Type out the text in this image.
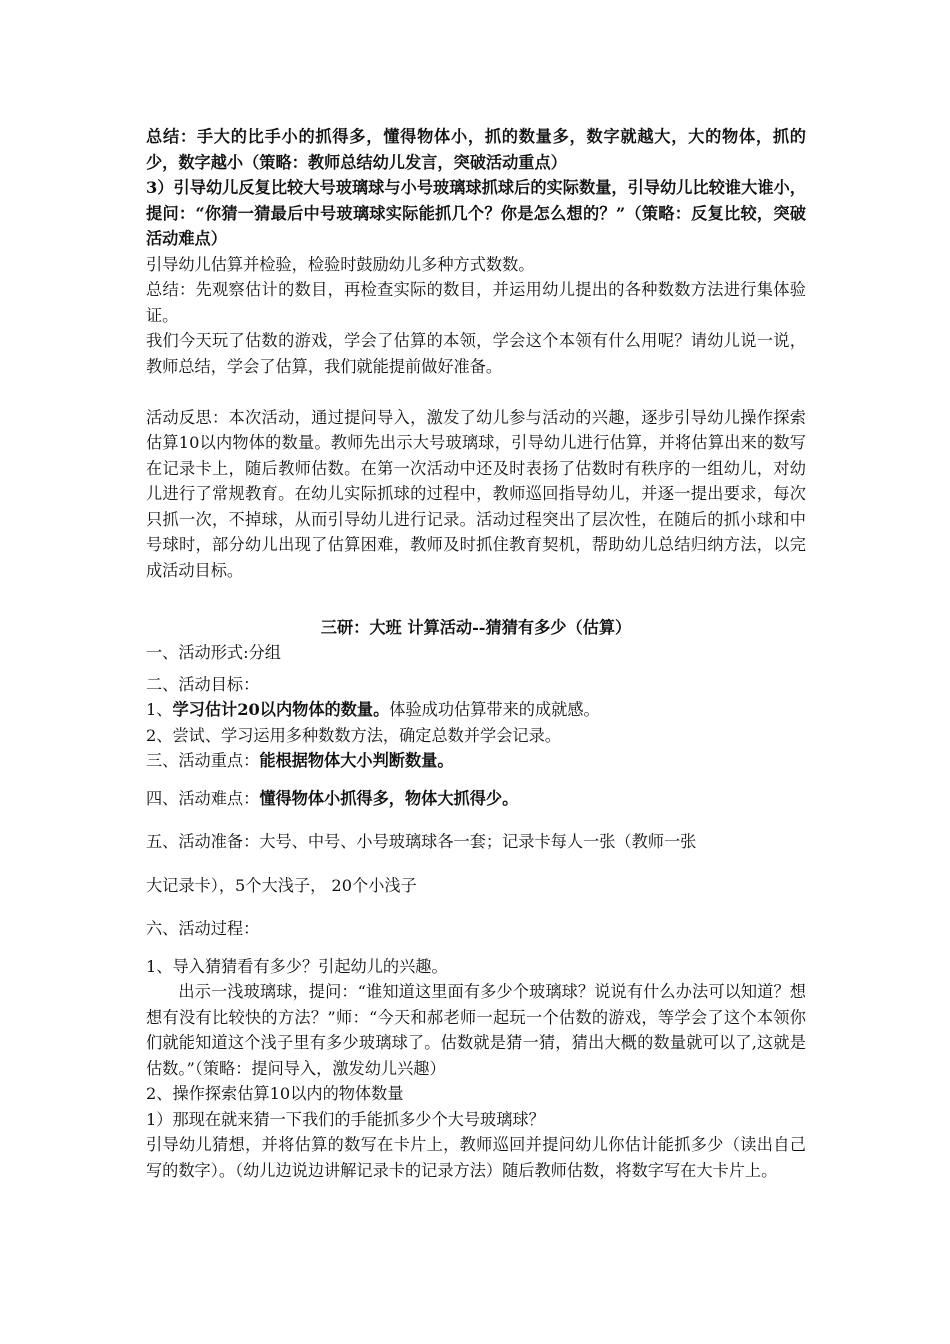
总结：手大的比手小的抓得多，懂得物体小，抓的数量多，数字就越大，大的物体，抓的少，数字越小（策略：教师总结幼儿发言，突破活动重点）

3）引导幼儿反复比较大号玻璃球与小号玻璃球抓球后的实际数量，引导幼儿比较谁大谁小，提问：“你猜一猜最后中号玻璃球实际能抓几个？你是怎么想的？”（策略：反复比较，突破活动难点）

引导幼儿估算并检验，检验时鼓励幼儿多种方式数数。

总结：先观察估计的数目，再检查实际的数目，并运用幼儿提出的各种数数方法进行集体验证。

我们今天玩了估数的游戏，学会了估算的本领，学会这个本领有什么用呢？请幼儿说一说，教师总结，学会了估算，我们就能提前做好准备。

活动反思：本次活动，通过提问导入，激发了幼儿参与活动的兴趣，逐步引导幼儿操作探索估算10以内物体的数量。教师先出示大号玻璃球，引导幼儿进行估算，并将估算出来的数写在记录卡上，随后教师估数。在第一次活动中还及时表扬了估数时有秩序的一组幼儿，对幼儿进行了常规教育。在幼儿实际抓球的过程中，教师巡回指导幼儿，并逐一提出要求，每次只抓一次，不掉球，从而引导幼儿进行记录。活动过程突出了层次性，在随后的抓小球和中号球时，部分幼儿出现了估算困难，教师及时抓住教育契机，帮助幼儿总结归纳方法，以完成活动目标。

三研：大班 计算活动--猜猜有多少（估算）

一、活动形式:分组

二、活动目标：

1、学习估计20以内物体的数量。体验成功估算带来的成就感。

2、尝试、学习运用多种数数方法，确定总数并学会记录。

三、活动重点：能根据物体大小判断数量。

四、活动难点：懂得物体小抓得多，物体大抓得少。

五、活动准备：大号、中号、小号玻璃球各一套；记录卡每人一张（教师一张

大记录卡），5个大浅子， 20个小浅子

六、活动过程：

1、导入猜猜看有多少？引起幼儿的兴趣。

出示一浅玻璃球，提问：“谁知道这里面有多少个玻璃球？说说有什么办法可以知道？想想有没有比较快的方法？”师：“今天和郝老师一起玩一个估数的游戏，等学会了这个本领你们就能知道这个浅子里有多少玻璃球了。估数就是猜一猜，猜出大概的数量就可以了,这就是估数。”（策略：提问导入，激发幼儿兴趣）

2、操作探索估算10以内的物体数量

1）那现在就来猜一下我们的手能抓多少个大号玻璃球？

引导幼儿猜想，并将估算的数写在卡片上，教师巡回并提问幼儿你估计能抓多少（读出自己写的数字）。（幼儿边说边讲解记录卡的记录方法）随后教师估数，将数字写在大卡片上。
